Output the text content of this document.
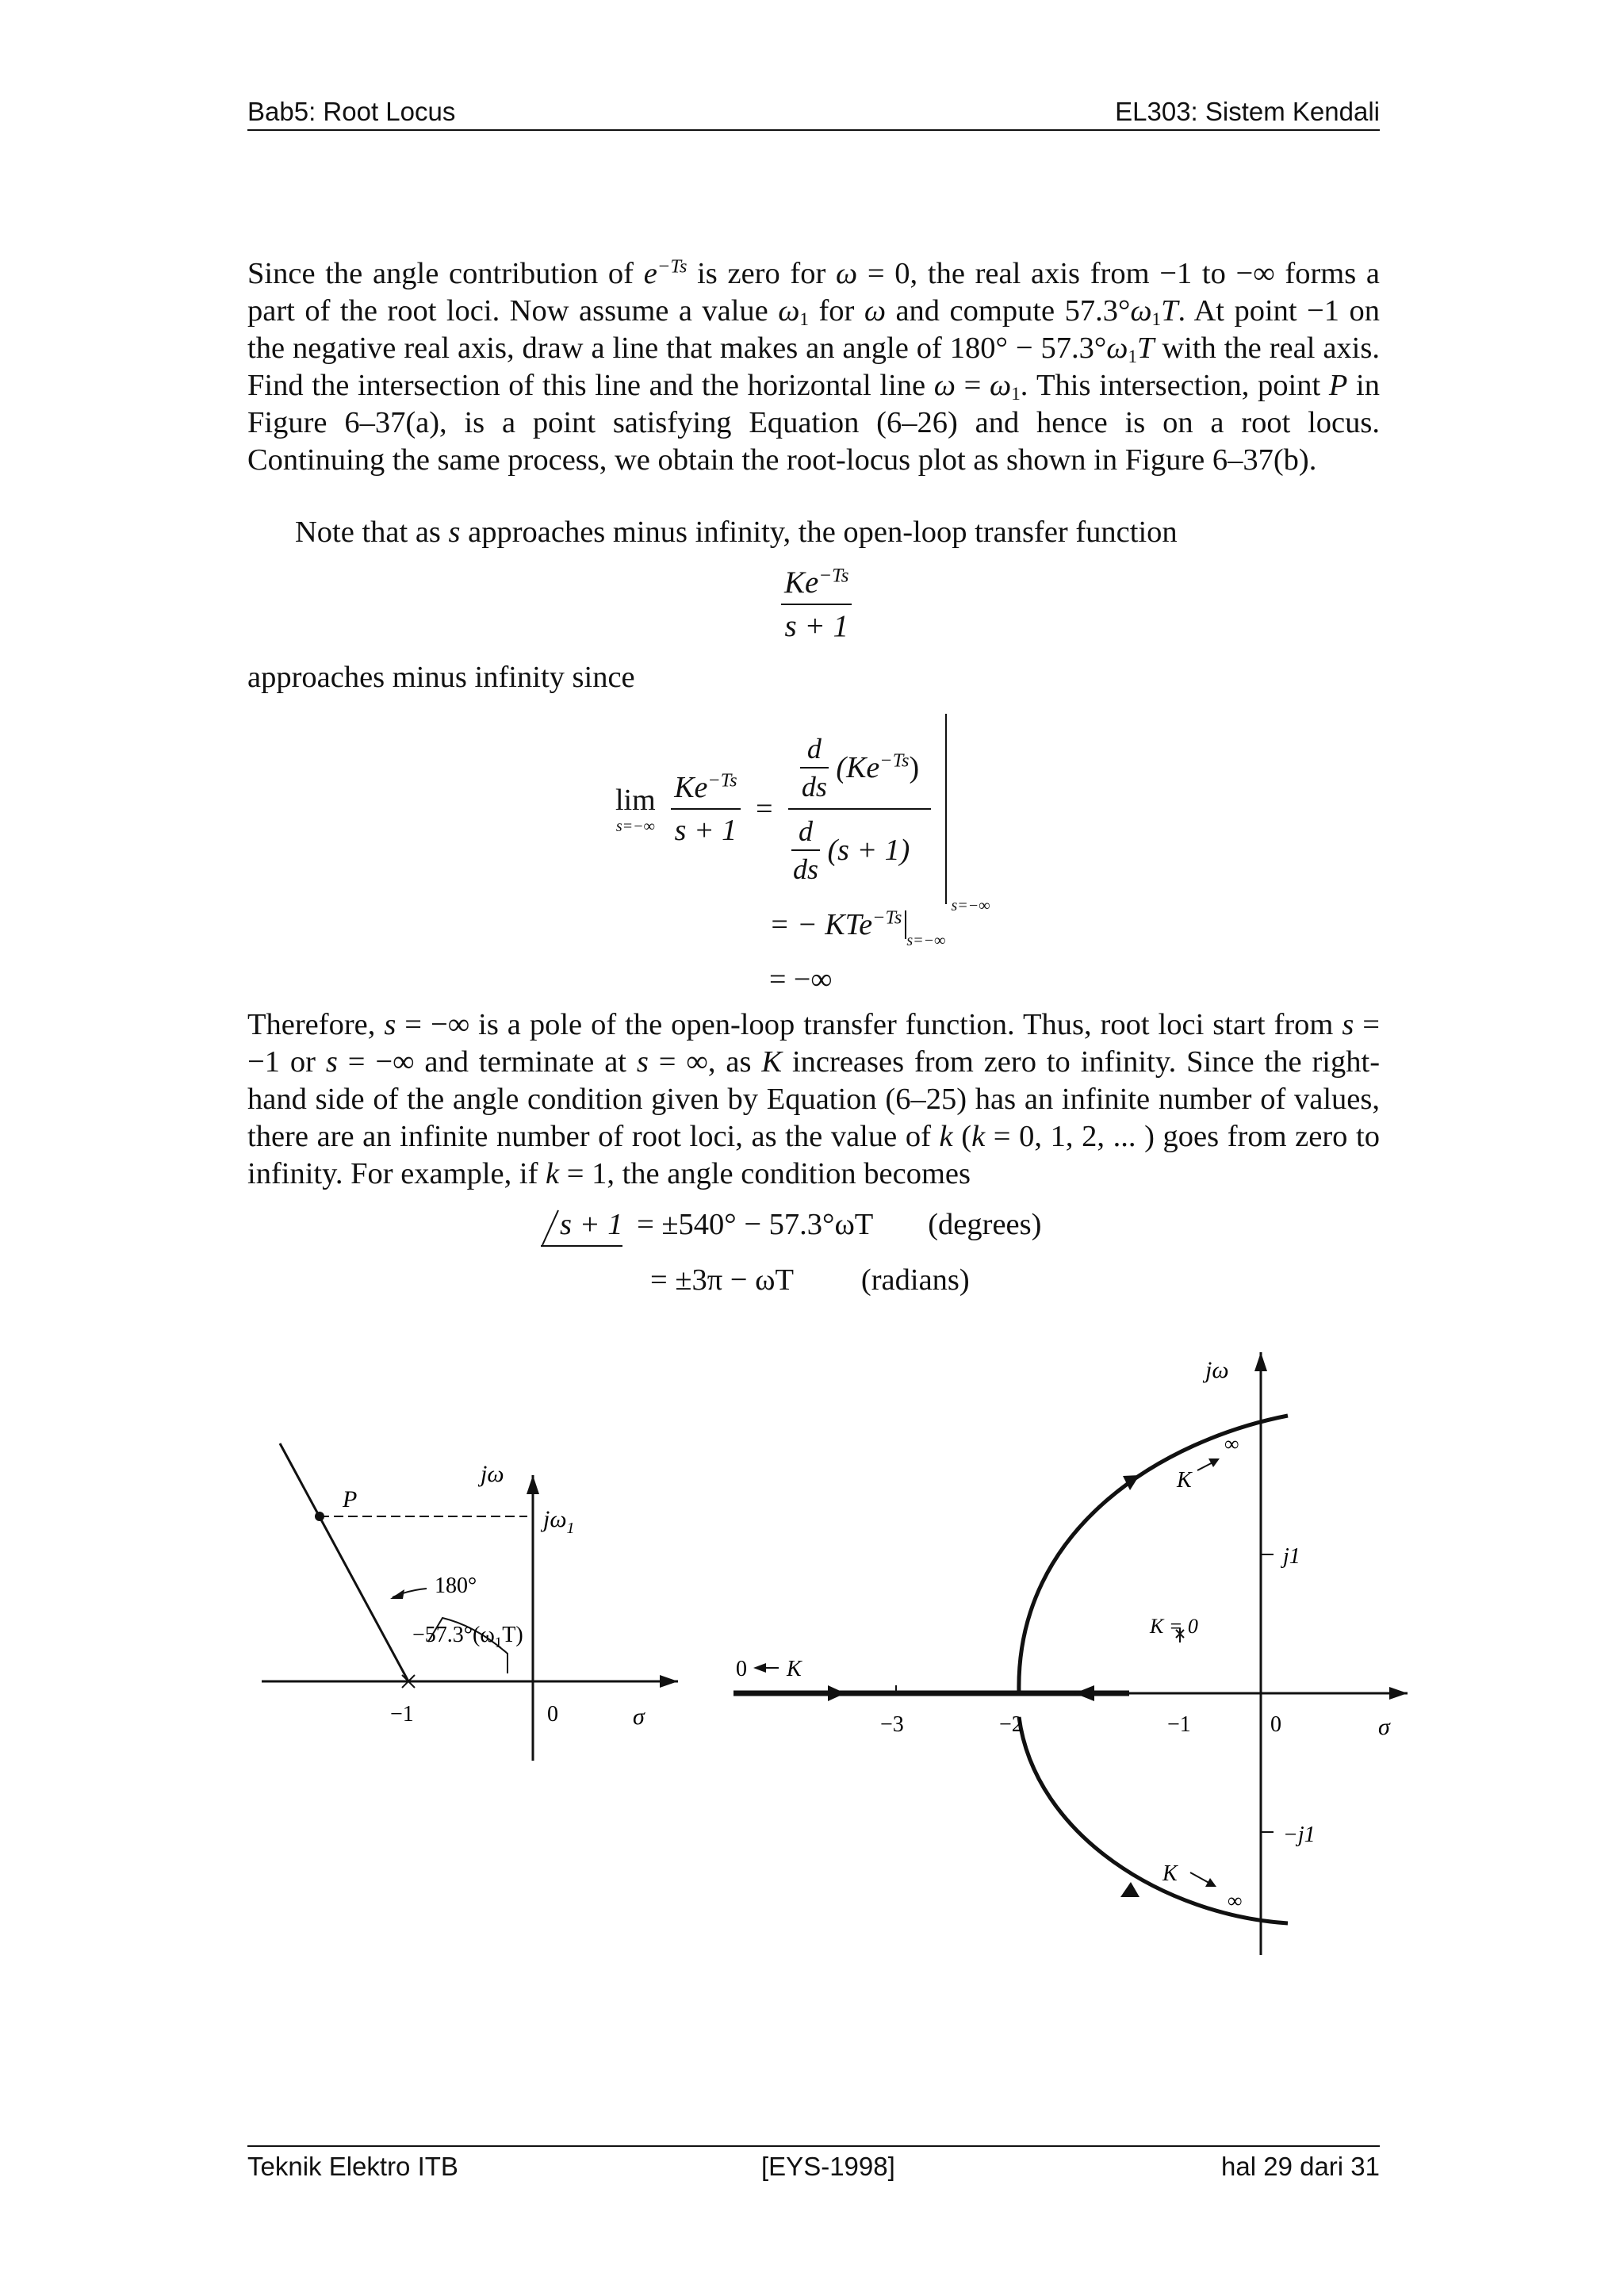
Bab5: Root Locus	EL303: Sistem Kendali

Since the angle contribution of $e^{-Ts}$ is zero for ω = 0, the real axis from −1 to −∞ forms a part of the root loci. Now assume a value $\omega_1$ for ω and compute $57.3^\circ\omega_1T$. At point −1 on the negative real axis, draw a line that makes an angle of $180^\circ - 57.3^\circ\omega_1T$ with the real axis. Find the intersection of this line and the horizontal line $\omega = \omega_1$. This intersection, point P in Figure 6–37(a), is a point satisfying Equation (6–26) and hence is on a root locus. Continuing the same process, we obtain the root-locus plot as shown in Figure 6–37(b).

Note that as s approaches minus infinity, the open-loop transfer function

$\frac{Ke^{-Ts}}{s + 1}$

approaches minus infinity since

lim
s=−∞
$\frac{Ke^{-Ts}}{s + 1}$ =
$\frac{d}{ds} (Ke^{-Ts})$
$\frac{d}{ds} (s + 1)$

s=−∞
= − KTe$^{-Ts}_{s=-\infty}$
= −∞

Therefore, s = −∞ is a pole of the open-loop transfer function. Thus, root loci start from s = −1 or s = −∞ and terminate at s = ∞, as K increases from zero to infinity. Since the right-hand side of the angle condition given by Equation (6–25) has an infinite number of values, there are an infinite number of root loci, as the value of k (k = 0, 1, 2, ... ) goes from zero to infinity. For example, if k = 1, the angle condition becomes

s + 1 = ±540° − 57.3°ωT (degrees)
= ±3π − ωT (radians)
jω
P
$j\omega_1$
180°
$-57.3^\circ(\omega_1T)$
−1	0	σ
jω
∞
K
j1
−j1
0 K
K = 0
−3	−2	−1	0	σ
K
∞
Teknik Elektro ITB	[EYS-1998]	hal 29 dari 31
